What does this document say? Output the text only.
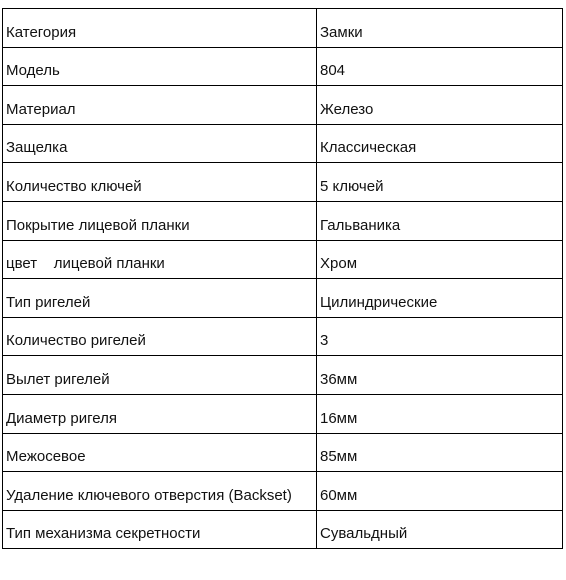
Категория	Замки
Модель	804
Материал	Железо
Защелка	Классическая
Количество ключей	5 ключей
Покрытие лицевой планки	Гальваника
цвет    лицевой планки	Хром
Тип ригелей	Цилиндрические
Количество ригелей	3
Вылет ригелей	36мм
Диаметр ригеля	16мм
Межосевое	85мм
Удаление ключевого отверстия (Backset)	60мм
Тип механизма секретности	Сувальдный
